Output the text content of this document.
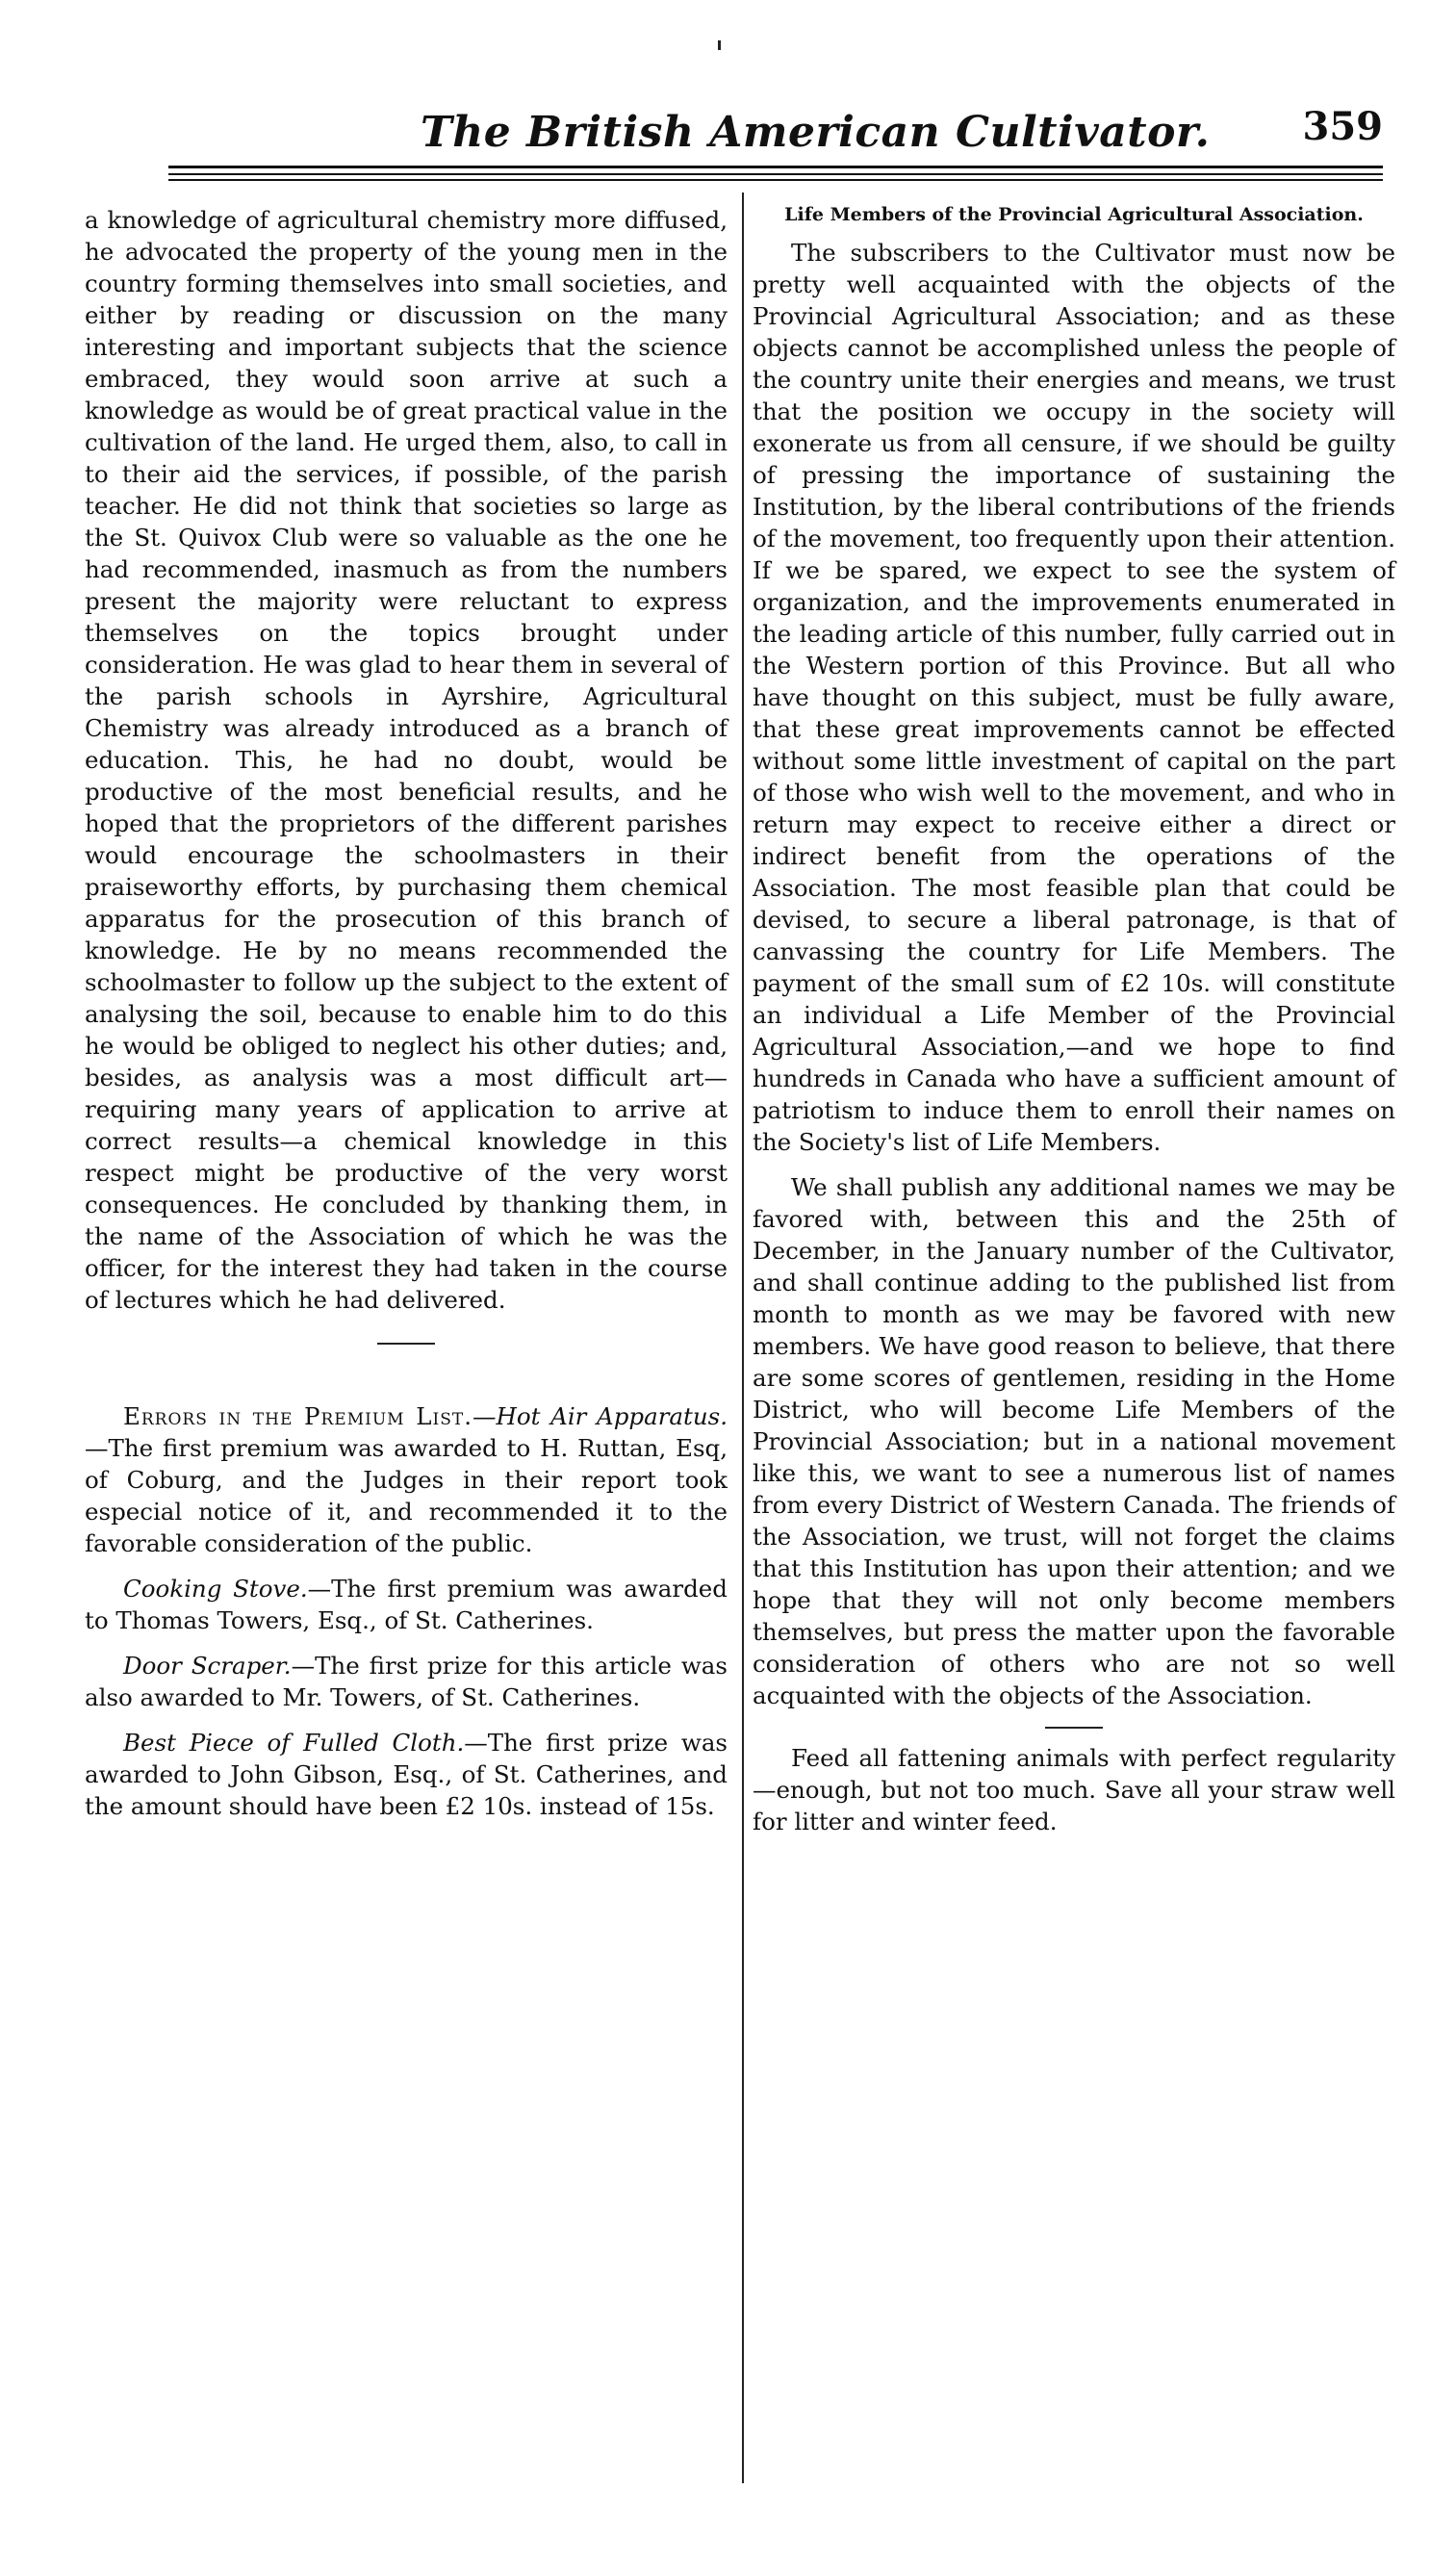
The British American Cultivator. 359

a knowledge of agricultural chemistry more diffused, he advocated the property of the young men in the country forming themselves into small societies, and either by reading or discussion on the many interesting and important subjects that the science embraced, they would soon arrive at such a knowledge as would be of great practical value in the cultivation of the land. He urged them, also, to call in to their aid the services, if possible, of the parish teacher. He did not think that societies so large as the St. Quivox Club were so valuable as the one he had recommended, inasmuch as from the numbers present the majority were reluctant to express themselves on the topics brought under consideration. He was glad to hear them in several of the parish schools in Ayrshire, Agricultural Chemistry was already introduced as a branch of education. This, he had no doubt, would be productive of the most beneficial results, and he hoped that the proprietors of the different parishes would encourage the schoolmasters in their praiseworthy efforts, by purchasing them chemical apparatus for the prosecution of this branch of knowledge. He by no means recommended the schoolmaster to follow up the subject to the extent of analysing the soil, because to enable him to do this he would be obliged to neglect his other duties; and, besides, as analysis was a most difficult art—requiring many years of application to arrive at correct results—a chemical knowledge in this respect might be productive of the very worst consequences. He concluded by thanking them, in the name of the Association of which he was the officer, for the interest they had taken in the course of lectures which he had delivered.

Errors in the Premium List.—Hot Air Apparatus.—The first premium was awarded to H. Ruttan, Esq, of Coburg, and the Judges in their report took especial notice of it, and recommended it to the favorable consideration of the public.

Cooking Stove.—The first premium was awarded to Thomas Towers, Esq., of St. Catherines.

Door Scraper.—The first prize for this article was also awarded to Mr. Towers, of St. Catherines.

Best Piece of Fulled Cloth.—The first prize was awarded to John Gibson, Esq., of St. Catherines, and the amount should have been £2 10s. instead of 15s.

Life Members of the Provincial Agricultural Association.

The subscribers to the Cultivator must now be pretty well acquainted with the objects of the Provincial Agricultural Association; and as these objects cannot be accomplished unless the people of the country unite their energies and means, we trust that the position we occupy in the society will exonerate us from all censure, if we should be guilty of pressing the importance of sustaining the Institution, by the liberal contributions of the friends of the movement, too frequently upon their attention. If we be spared, we expect to see the system of organization, and the improvements enumerated in the leading article of this number, fully carried out in the Western portion of this Province. But all who have thought on this subject, must be fully aware, that these great improvements cannot be effected without some little investment of capital on the part of those who wish well to the movement, and who in return may expect to receive either a direct or indirect benefit from the operations of the Association. The most feasible plan that could be devised, to secure a liberal patronage, is that of canvassing the country for Life Members. The payment of the small sum of £2 10s. will constitute an individual a Life Member of the Provincial Agricultural Association,—and we hope to find hundreds in Canada who have a sufficient amount of patriotism to induce them to enroll their names on the Society's list of Life Members.

We shall publish any additional names we may be favored with, between this and the 25th of December, in the January number of the Cultivator, and shall continue adding to the published list from month to month as we may be favored with new members. We have good reason to believe, that there are some scores of gentlemen, residing in the Home District, who will become Life Members of the Provincial Association; but in a national movement like this, we want to see a numerous list of names from every District of Western Canada. The friends of the Association, we trust, will not forget the claims that this Institution has upon their attention; and we hope that they will not only become members themselves, but press the matter upon the favorable consideration of others who are not so well acquainted with the objects of the Association.

Feed all fattening animals with perfect regularity—enough, but not too much. Save all your straw well for litter and winter feed.
